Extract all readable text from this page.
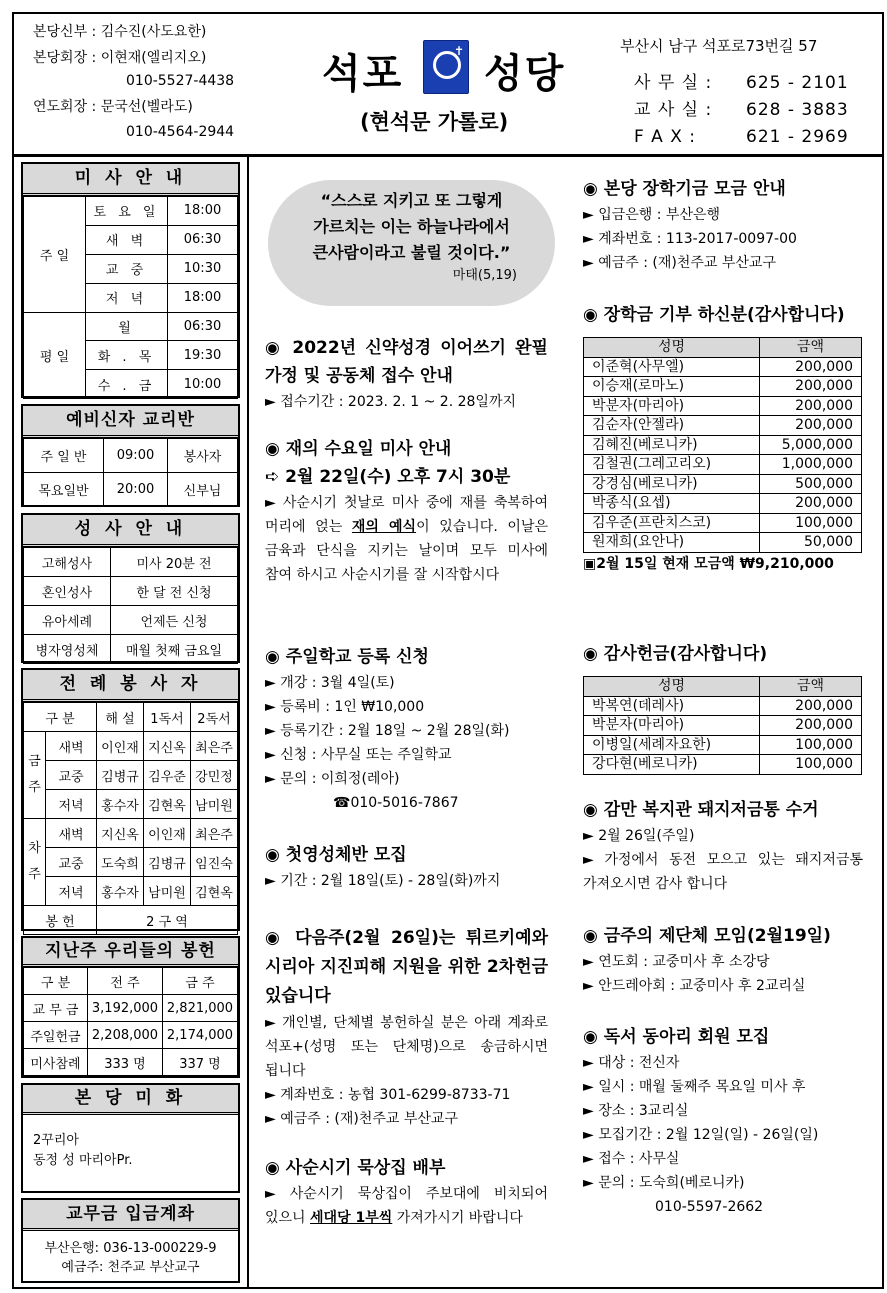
본당신부 : 김수진(사도요한)
본당회장 : 이현재(엘리지오)
010-5527-4438
연도회장 : 문국선(벨라도)
010-4564-2944
석포	✝ 성당
(현석문 가롤로)
부산시 남구 석포로73번길 57
사 무 실 : 625 - 2101
교 사 실 : 628 - 3883
F A X :	621 - 2969
미 사 안 내
주 일	토 요 일	18:00
	새 벽	06:30
	교 중	10:30
	저 녁	18:00
평 일	월	06:30
	화 . 목	19:30
	수 . 금	10:00
예비신자 교리반
주 일 반	09:00	봉사자
목요일반	20:00	신부님
성 사 안 내
고해성사	미사 20분 전
혼인성사	한 달 전 신청
유아세례	언제든 신청
병자영성체	매월 첫째 금요일
전 례 봉 사 자
구 분		해 설	1독서	2독서
금주	새벽	이인재	지신옥	최은주
	교중	김병규	김우준	강민정
	저녁	홍수자	김현옥	남미원
차주	새벽	지신옥	이인재	최은주
	교중	도숙희	김병규	임진숙
	저녁	홍수자	남미원	김현옥
봉 헌		2 구 역		
지난주 우리들의 봉헌
구 분	전 주	금 주
교 무 금	3,192,000	2,821,000
주일헌금	2,208,000	2,174,000
미사참례	333 명	337 명
본 당 미 화
2꾸리아
동정 성 마리아Pr.
교무금 입금계좌
부산은행: 036-13-000229-9
예금주: 천주교 부산교구
“스스로 지키고 또 그렇게
가르치는 이는 하늘나라에서
큰사람이라고 불릴 것이다.”
마태(5,19)
◉ 2022년 신약성경 이어쓰기 완필 가정 및 공동체 접수 안내
► 접수기간 : 2023. 2. 1 ~ 2. 28일까지
◉ 재의 수요일 미사 안내
➪ 2월 22일(수) 오후 7시 30분

► 사순시기 첫날로 미사 중에 재를 축복하여 머리에 얹는 재의 예식이 있습니다. 이날은 금육과 단식을 지키는 날이며 모두 미사에 참여 하시고 사순시기를 잘 시작합시다

◉ 주일학교 등록 신청
► 개강 : 3월 4일(토)
► 등록비 : 1인 ₩10,000
► 등록기간 : 2월 18일 ~ 2월 28일(화)
► 신청 : 사무실 또는 주일학교
► 문의 : 이희정(레아)

☎010-5016-7867

◉ 첫영성체반 모집
► 기간 : 2월 18일(토) - 28일(화)까지
◉ 다음주(2월 26일)는 튀르키예와 시리아 지진피해 지원을 위한 2차헌금 있습니다

► 개인별, 단체별 봉헌하실 분은 아래 계좌로 석포+(성명 또는 단체명)으로 송금하시면 됩니다

► 계좌번호 : 농협 301-6299-8733-71
► 예금주 : (재)천주교 부산교구
◉ 사순시기 묵상집 배부

► 사순시기 묵상집이 주보대에 비치되어 있으니 세대당 1부씩 가져가시기 바랍니다

◉ 본당 장학기금 모금 안내
► 입금은행 : 부산은행
► 계좌번호 : 113-2017-0097-00
► 예금주 : (재)천주교 부산교구
◉ 장학금 기부 하신분(감사합니다)
성명	금액
이준혁(사무엘)	200,000
이승재(로마노)	200,000
박분자(마리아)	200,000
김순자(안젤라)	200,000
김혜진(베로니카)	5,000,000
김철권(그레고리오)	1,000,000
강경심(베로니카)	500,000
박종식(요셉)	200,000
김우준(프란치스코)	100,000
원재희(요안나)	50,000
▣2월 15일 현재 모금액 ₩9,210,000
◉ 감사헌금(감사합니다)
성명	금액
박복연(데레사)	200,000
박분자(마리아)	200,000
이병일(세례자요한)	100,000
강다현(베로니카)	100,000
◉ 감만 복지관 돼지저금통 수거
► 2월 26일(주일)

► 가정에서 동전 모으고 있는 돼지저금통 가져오시면 감사 합니다

◉ 금주의 제단체 모임(2월19일)
► 연도회 : 교중미사 후 소강당
► 안드레아회 : 교중미사 후 2교리실
◉ 독서 동아리 회원 모집
► 대상 : 전신자
► 일시 : 매월 둘째주 목요일 미사 후
► 장소 : 3교리실
► 모집기간 : 2월 12일(일) - 26일(일)
► 접수 : 사무실
► 문의 : 도숙희(베로니카)

010-5597-2662
